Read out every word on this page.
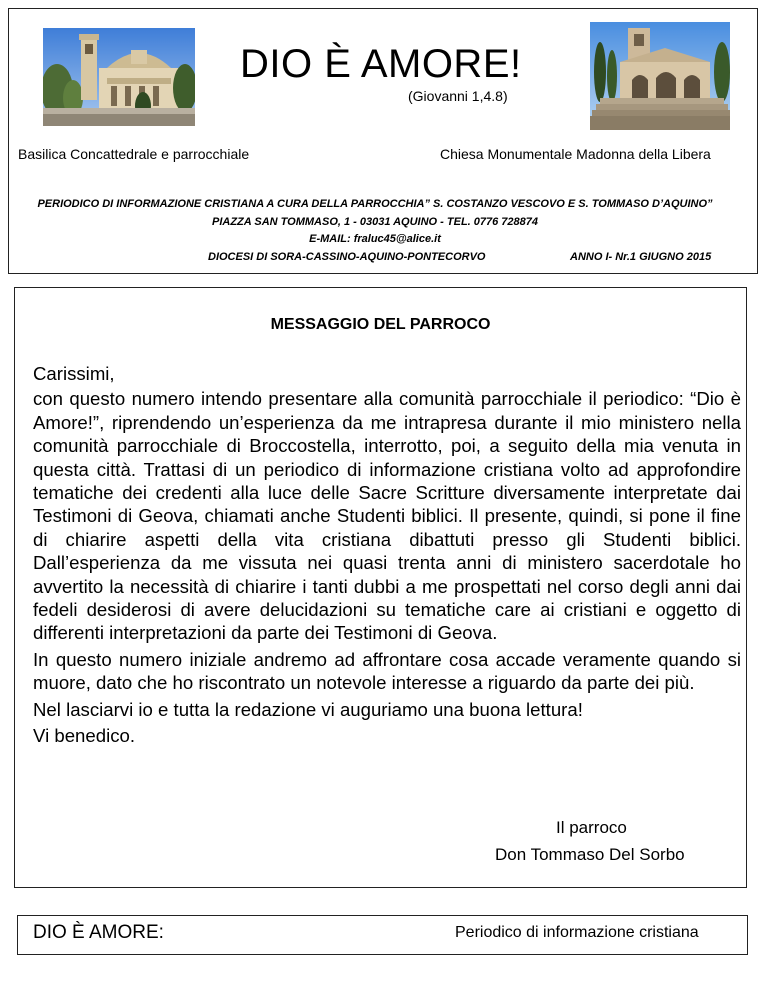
DIO È AMORE!
(Giovanni 1,4.8)
Basilica Concattedrale e parrocchiale	Chiesa Monumentale Madonna della Libera
PERIODICO DI INFORMAZIONE CRISTIANA A CURA DELLA PARROCCHIA” S. COSTANZO VESCOVO E S. TOMMASO D’AQUINO”
PIAZZA SAN TOMMASO, 1 - 03031 AQUINO - TEL. 0776 728874
E-MAIL: fraluc45@alice.it
DIOCESI DI SORA-CASSINO-AQUINO-PONTECORVO	ANNO I- Nr.1 GIUGNO 2015
MESSAGGIO DEL PARROCO

Carissimi,

con questo numero intendo presentare alla comunità parrocchiale il periodico: “Dio è Amore!”, riprendendo un’esperienza da me intrapresa durante il mio ministero nella comunità parrocchiale di Broccostella, interrotto, poi, a seguito della mia venuta in questa città. Trattasi di un periodico di informazione cristiana volto ad approfondire tematiche dei credenti alla luce delle Sacre Scritture diversamente interpretate dai Testimoni di Geova, chiamati anche Studenti biblici. Il presente, quindi, si pone il fine di chiarire aspetti della vita cristiana dibattuti presso gli Studenti biblici. Dall’esperienza da me vissuta nei quasi trenta anni di ministero sacerdotale ho avvertito la necessità di chiarire i tanti dubbi a me prospettati nel corso degli anni dai fedeli desiderosi di avere delucidazioni su tematiche care ai cristiani e oggetto di differenti interpretazioni da parte dei Testimoni di Geova.

In questo numero iniziale andremo ad affrontare cosa accade veramente quando si muore, dato che ho riscontrato un notevole interesse a riguardo da parte dei più.

Nel lasciarvi io e tutta la redazione vi auguriamo una buona lettura!

Vi benedico.

Il parroco
Don Tommaso Del Sorbo
DIO È AMORE:	Periodico di informazione cristiana
